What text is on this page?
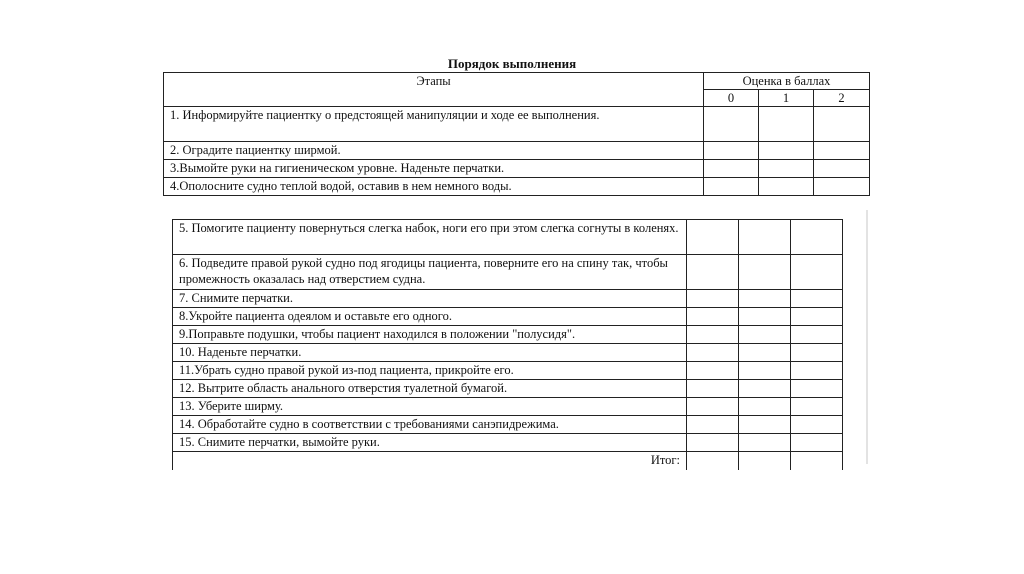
Порядок выполнения
Этапы	Оценка в баллах		
	0	1	2
1. Информируйте пациентку о предстоящей манипуляции и ходе ее выполнения.			
2. Оградите пациентку ширмой.			
3.Вымойте руки на гигиеническом уровне. Наденьте перчатки.			
4.Ополосните судно теплой водой, оставив в нем немного воды.			
5. Помогите пациенту повернуться слегка набок, ноги его при этом слегка согнуты в коленях.			
6. Подведите правой рукой судно под ягодицы пациента, поверните его на спину так, чтобы промежность оказалась над отверстием судна.			
7. Снимите перчатки.			
8.Укройте пациента одеялом и оставьте его одного.			
9.Поправьте подушки, чтобы пациент находился в положении "полусидя".			
10. Наденьте перчатки.			
11.Убрать судно правой рукой из-под пациента, прикройте его.			
12. Вытрите область анального отверстия туалетной бумагой.			
13. Уберите ширму.			
14. Обработайте судно в соответствии с требованиями санэпидрежима.			
15. Снимите перчатки, вымойте руки.			
Итог:			
